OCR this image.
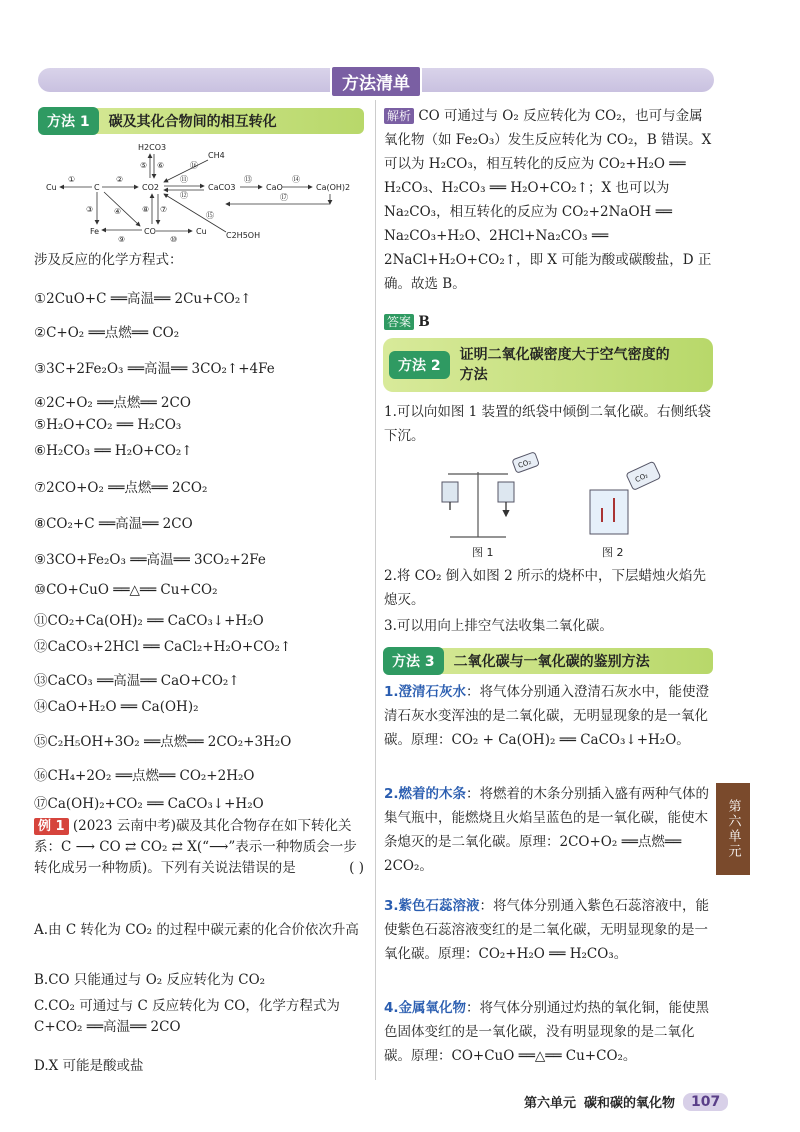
方法清单
方法 1	碳及其化合物间的相互转化
H2CO3
CH4
Cu	C	CO2	CaCO3	CaO	Ca(OH)2
Fe	CO	Cu C2H5OH
①	②
③	④
⑤ ⑥
⑦
⑧
⑨	⑩
⑪
⑫
⑬	⑭
⑮
⑯
⑰
涉及反应的化学方程式：
①2CuO+C ══高温══ 2Cu+CO₂↑
②C+O₂ ══点燃══ CO₂
③3C+2Fe₂O₃ ══高温══ 3CO₂↑+4Fe
④2C+O₂ ══点燃══ 2CO
⑤H₂O+CO₂ ══ H₂CO₃
⑥H₂CO₃ ══ H₂O+CO₂↑
⑦2CO+O₂ ══点燃══ 2CO₂
⑧CO₂+C ══高温══ 2CO
⑨3CO+Fe₂O₃ ══高温══ 3CO₂+2Fe
⑩CO+CuO ══△══ Cu+CO₂
⑪CO₂+Ca(OH)₂ ══ CaCO₃↓+H₂O
⑫CaCO₃+2HCl ══ CaCl₂+H₂O+CO₂↑
⑬CaCO₃ ══高温══ CaO+CO₂↑
⑭CaO+H₂O ══ Ca(OH)₂
⑮C₂H₅OH+3O₂ ══点燃══ 2CO₂+3H₂O
⑯CH₄+2O₂ ══点燃══ CO₂+2H₂O
⑰Ca(OH)₂+CO₂ ══ CaCO₃↓+H₂O
例 1 (2023 云南中考)碳及其化合物存在如下转化关系：C ⟶ CO ⇄ CO₂ ⇄ X(“⟶”表示一种物质会一步转化成另一种物质)。下列有关说法错误的是	( )
A.由 C 转化为 CO₂ 的过程中碳元素的化合价依次升高
B.CO 只能通过与 O₂ 反应转化为 CO₂
C.CO₂ 可通过与 C 反应转化为 CO，化学方程式为 C+CO₂ ══高温══ 2CO
D.X 可能是酸或盐
解析 CO 可通过与 O₂ 反应转化为 CO₂，也可与金属氧化物（如 Fe₂O₃）发生反应转化为 CO₂，B 错误。X 可以为 H₂CO₃，相互转化的反应为 CO₂+H₂O ══ H₂CO₃、H₂CO₃ ══ H₂O+CO₂↑；X 也可以为 Na₂CO₃，相互转化的反应为 CO₂+2NaOH ══ Na₂CO₃+H₂O、2HCl+Na₂CO₃ ══ 2NaCl+H₂O+CO₂↑，即 X 可能为酸或碳酸盐，D 正确。故选 B。
答案 B
方法 2
证明二氧化碳密度大于空气密度的方法
1.可以向如图 1 装置的纸袋中倾倒二氧化碳。右侧纸袋下沉。
CO₂
CO₂
图 1	图 2
2.将 CO₂ 倒入如图 2 所示的烧杯中，下层蜡烛火焰先熄灭。
3.可以用向上排空气法收集二氧化碳。
方法 3	二氧化碳与一氧化碳的鉴别方法
1.澄清石灰水：将气体分别通入澄清石灰水中，能使澄清石灰水变浑浊的是二氧化碳，无明显现象的是一氧化碳。原理：CO₂ + Ca(OH)₂ ══ CaCO₃↓+H₂O。
2.燃着的木条：将燃着的木条分别插入盛有两种气体的集气瓶中，能燃烧且火焰呈蓝色的是一氧化碳，能使木条熄灭的是二氧化碳。原理：2CO+O₂ ══点燃══ 2CO₂。
3.紫色石蕊溶液：将气体分别通入紫色石蕊溶液中，能使紫色石蕊溶液变红的是二氧化碳，无明显现象的是一氧化碳。原理：CO₂+H₂O ══ H₂CO₃。
4.金属氧化物：将气体分别通过灼热的氧化铜，能使黑色固体变红的是一氧化碳，没有明显现象的是二氧化碳。原理：CO+CuO ══△══ Cu+CO₂。
第六单元
第六单元 碳和碳的氧化物	107
